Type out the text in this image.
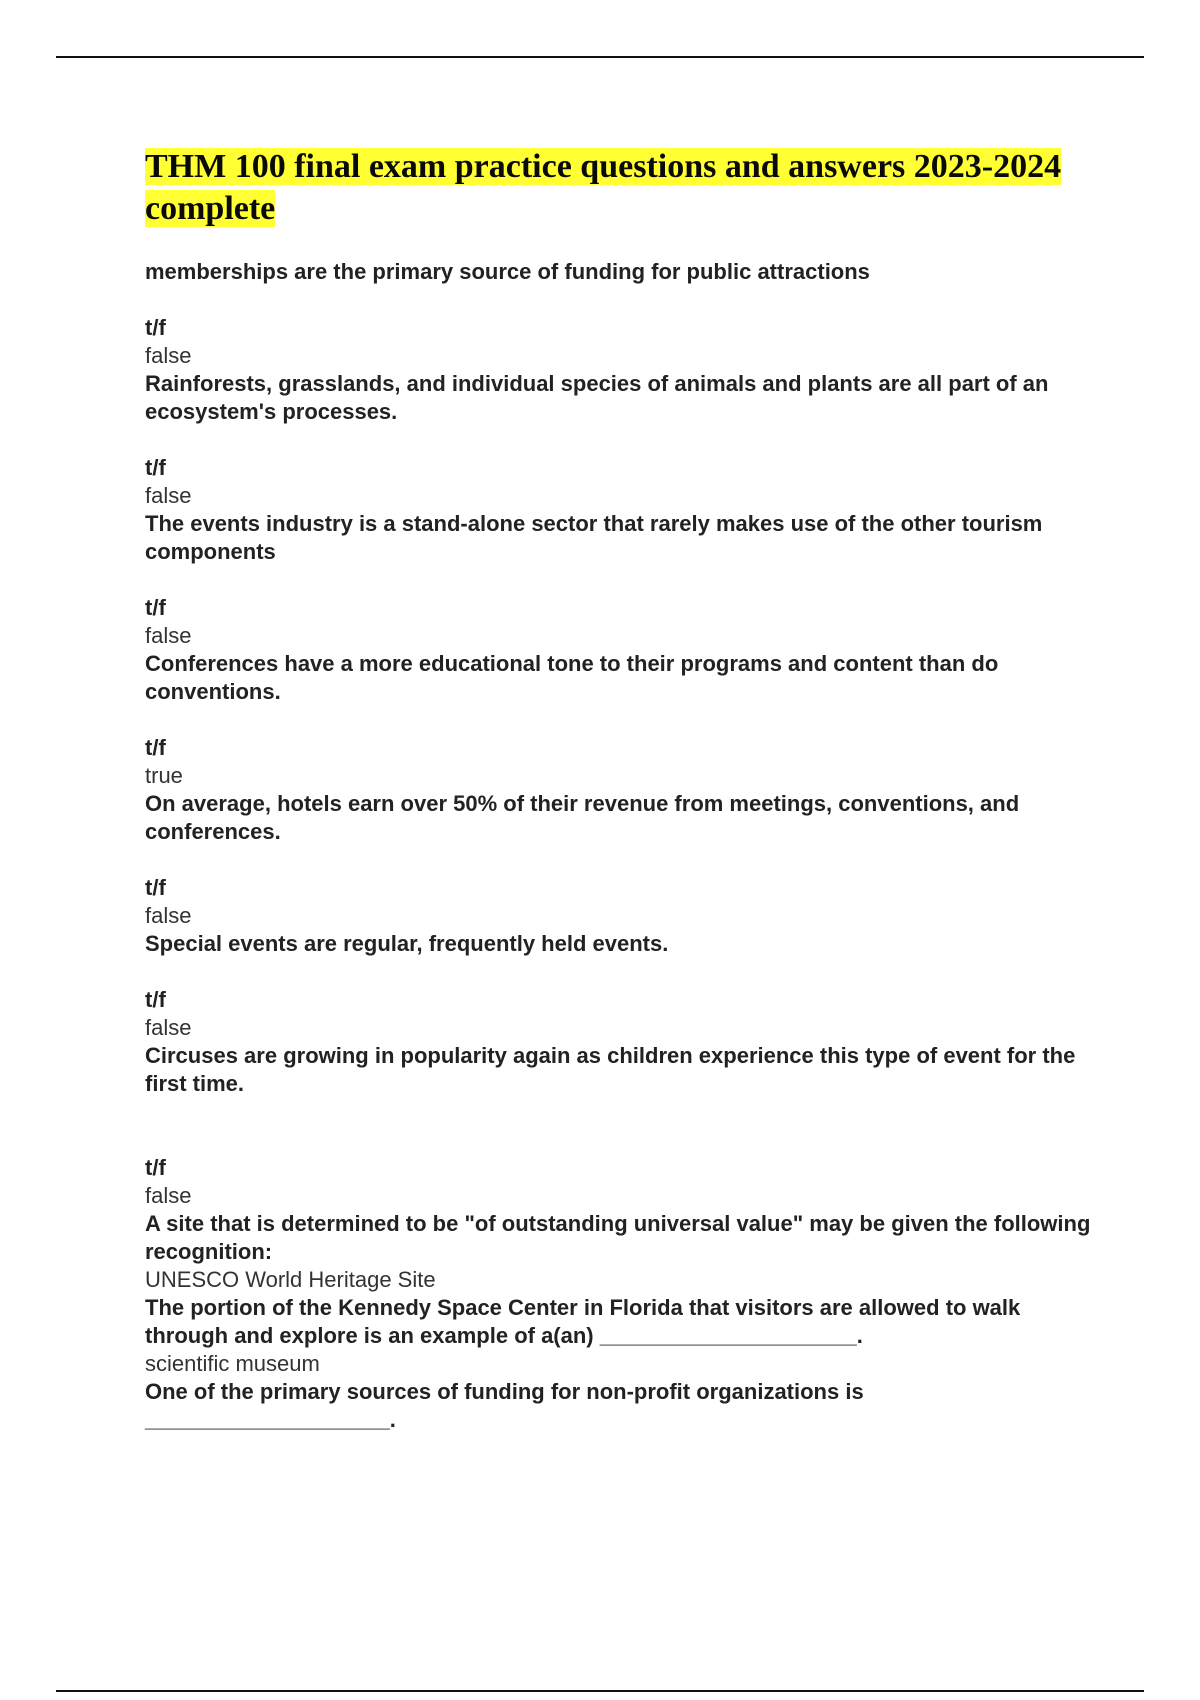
THM 100 final exam practice questions and answers 2023-2024 complete
memberships are the primary source of funding for public attractions
t/f
false
Rainforests, grasslands, and individual species of animals and plants are all part of an ecosystem's processes.
t/f
false
The events industry is a stand-alone sector that rarely makes use of the other tourism components
t/f
false
Conferences have a more educational tone to their programs and content than do conventions.
t/f
true
On average, hotels earn over 50% of their revenue from meetings, conventions, and conferences.
t/f
false
Special events are regular, frequently held events.
t/f
false
Circuses are growing in popularity again as children experience this type of event for the first time.
t/f
false
A site that is determined to be "of outstanding universal value" may be given the following recognition:
UNESCO World Heritage Site
The portion of the Kennedy Space Center in Florida that visitors are allowed to walk through and explore is an example of a(an) _____________________.
scientific museum
One of the primary sources of funding for non-profit organizations is ____________________.
